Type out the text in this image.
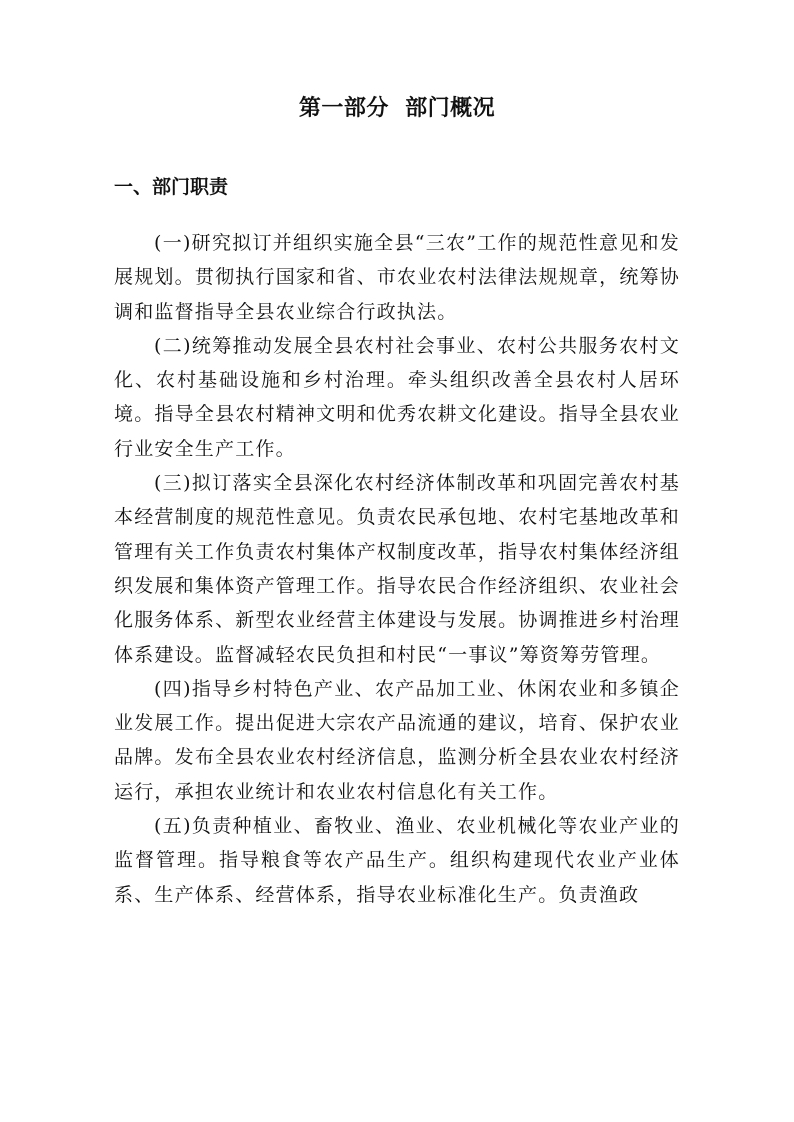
第一部分  部门概况
一、部门职责

(一)研究拟订并组织实施全县“三农”工作的规范性意见和发展规划。贯彻执行国家和省、市农业农村法律法规规章，统筹协调和监督指导全县农业综合行政执法。

(二)统筹推动发展全县农村社会事业、农村公共服务农村文化、农村基础设施和乡村治理。牵头组织改善全县农村人居环境。指导全县农村精神文明和优秀农耕文化建设。指导全县农业行业安全生产工作。

(三)拟订落实全县深化农村经济体制改革和巩固完善农村基本经营制度的规范性意见。负责农民承包地、农村宅基地改革和管理有关工作负责农村集体产权制度改革，指导农村集体经济组织发展和集体资产管理工作。指导农民合作经济组织、农业社会化服务体系、新型农业经营主体建设与发展。协调推进乡村治理体系建设。监督减轻农民负担和村民“一事议”筹资筹劳管理。

(四)指导乡村特色产业、农产品加工业、休闲农业和多镇企业发展工作。提出促进大宗农产品流通的建议，培育、保护农业品牌。发布全县农业农村经济信息，监测分析全县农业农村经济运行，承担农业统计和农业农村信息化有关工作。

(五)负责种植业、畜牧业、渔业、农业机械化等农业产业的监督管理。指导粮食等农产品生产。组织构建现代农业产业体系、生产体系、经营体系，指导农业标准化生产。负责渔政
